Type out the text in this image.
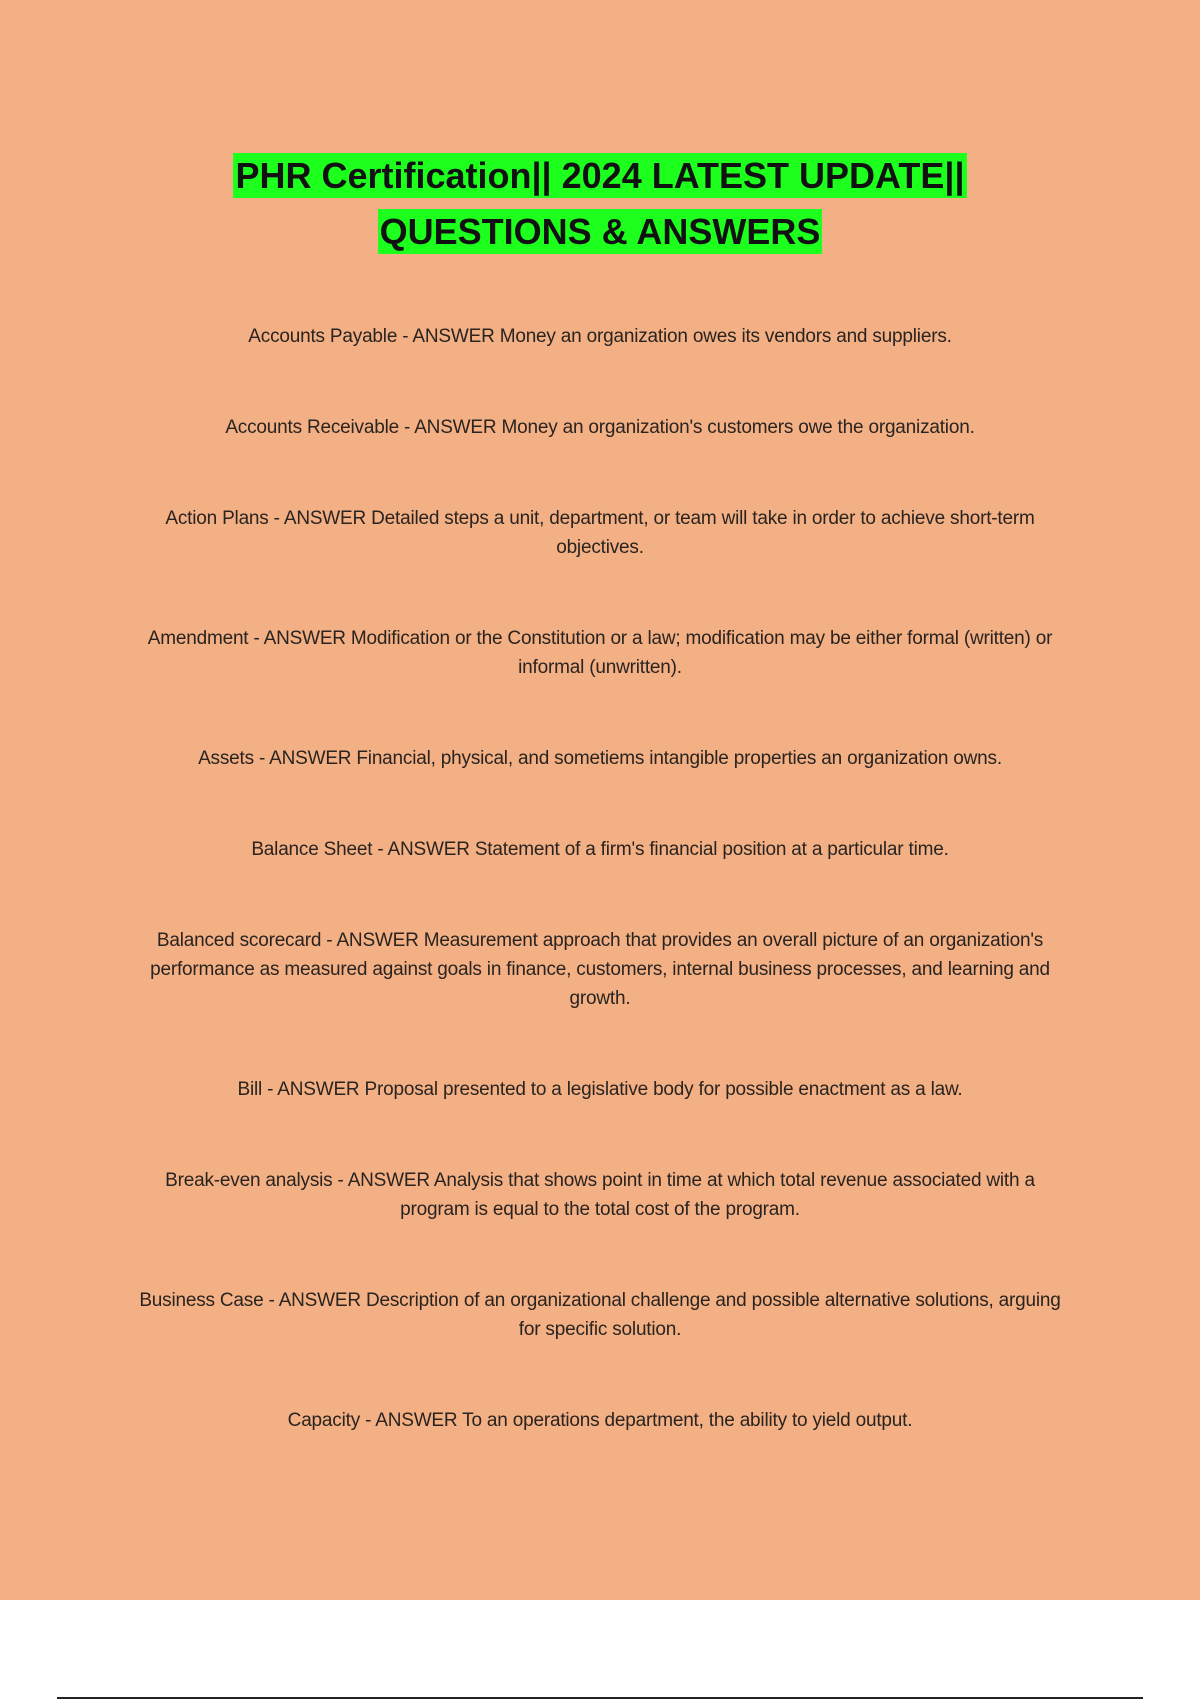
PHR Certification|| 2024 LATEST UPDATE||
QUESTIONS & ANSWERS
Accounts Payable - ANSWER Money an organization owes its vendors and suppliers.
Accounts Receivable - ANSWER Money an organization's customers owe the organization.
Action Plans - ANSWER Detailed steps a unit, department, or team will take in order to achieve short-term objectives.
Amendment - ANSWER Modification or the Constitution or a law; modification may be either formal (written) or informal (unwritten).
Assets - ANSWER Financial, physical, and sometiems intangible properties an organization owns.
Balance Sheet - ANSWER Statement of a firm's financial position at a particular time.
Balanced scorecard - ANSWER Measurement approach that provides an overall picture of an organization's performance as measured against goals in finance, customers, internal business processes, and learning and growth.
Bill - ANSWER Proposal presented to a legislative body for possible enactment as a law.
Break-even analysis - ANSWER Analysis that shows point in time at which total revenue associated with a program is equal to the total cost of the program.
Business Case - ANSWER Description of an organizational challenge and possible alternative solutions, arguing for specific solution.
Capacity - ANSWER To an operations department, the ability to yield output.
